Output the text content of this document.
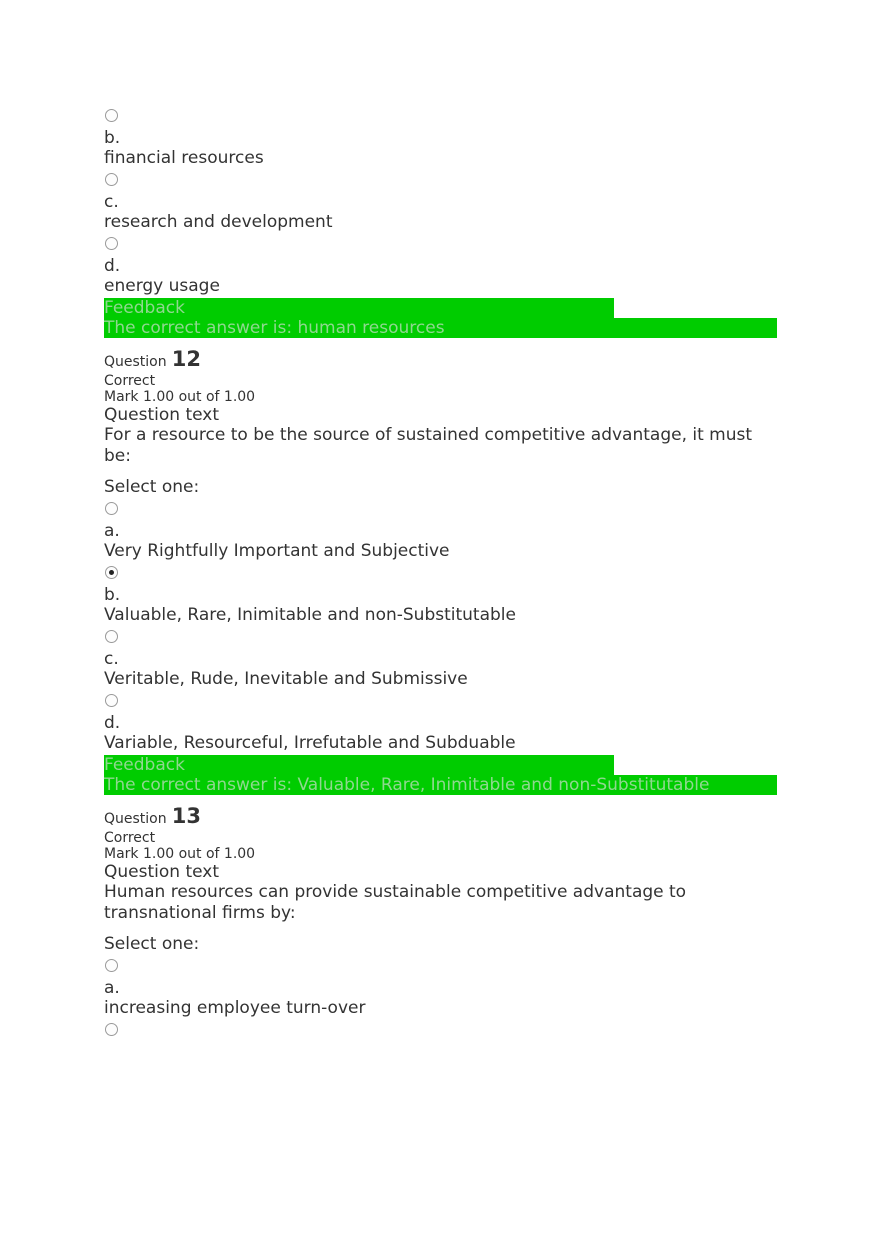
b.

financial resources

c.

research and development

d.

energy usage

Feedback
The correct answer is: human resources
Question 12

Correct

Mark 1.00 out of 1.00

Question text

For a resource to be the source of sustained competitive advantage, it must be:

Select one:

a.

Very Rightfully Important and Subjective

b.

Valuable, Rare, Inimitable and non-Substitutable

c.

Veritable, Rude, Inevitable and Submissive

d.

Variable, Resourceful, Irrefutable and Subduable

Feedback
The correct answer is: Valuable, Rare, Inimitable and non-Substitutable
Question 13

Correct

Mark 1.00 out of 1.00

Question text

Human resources can provide sustainable competitive advantage to transnational firms by:

Select one:

a.

increasing employee turn-over
